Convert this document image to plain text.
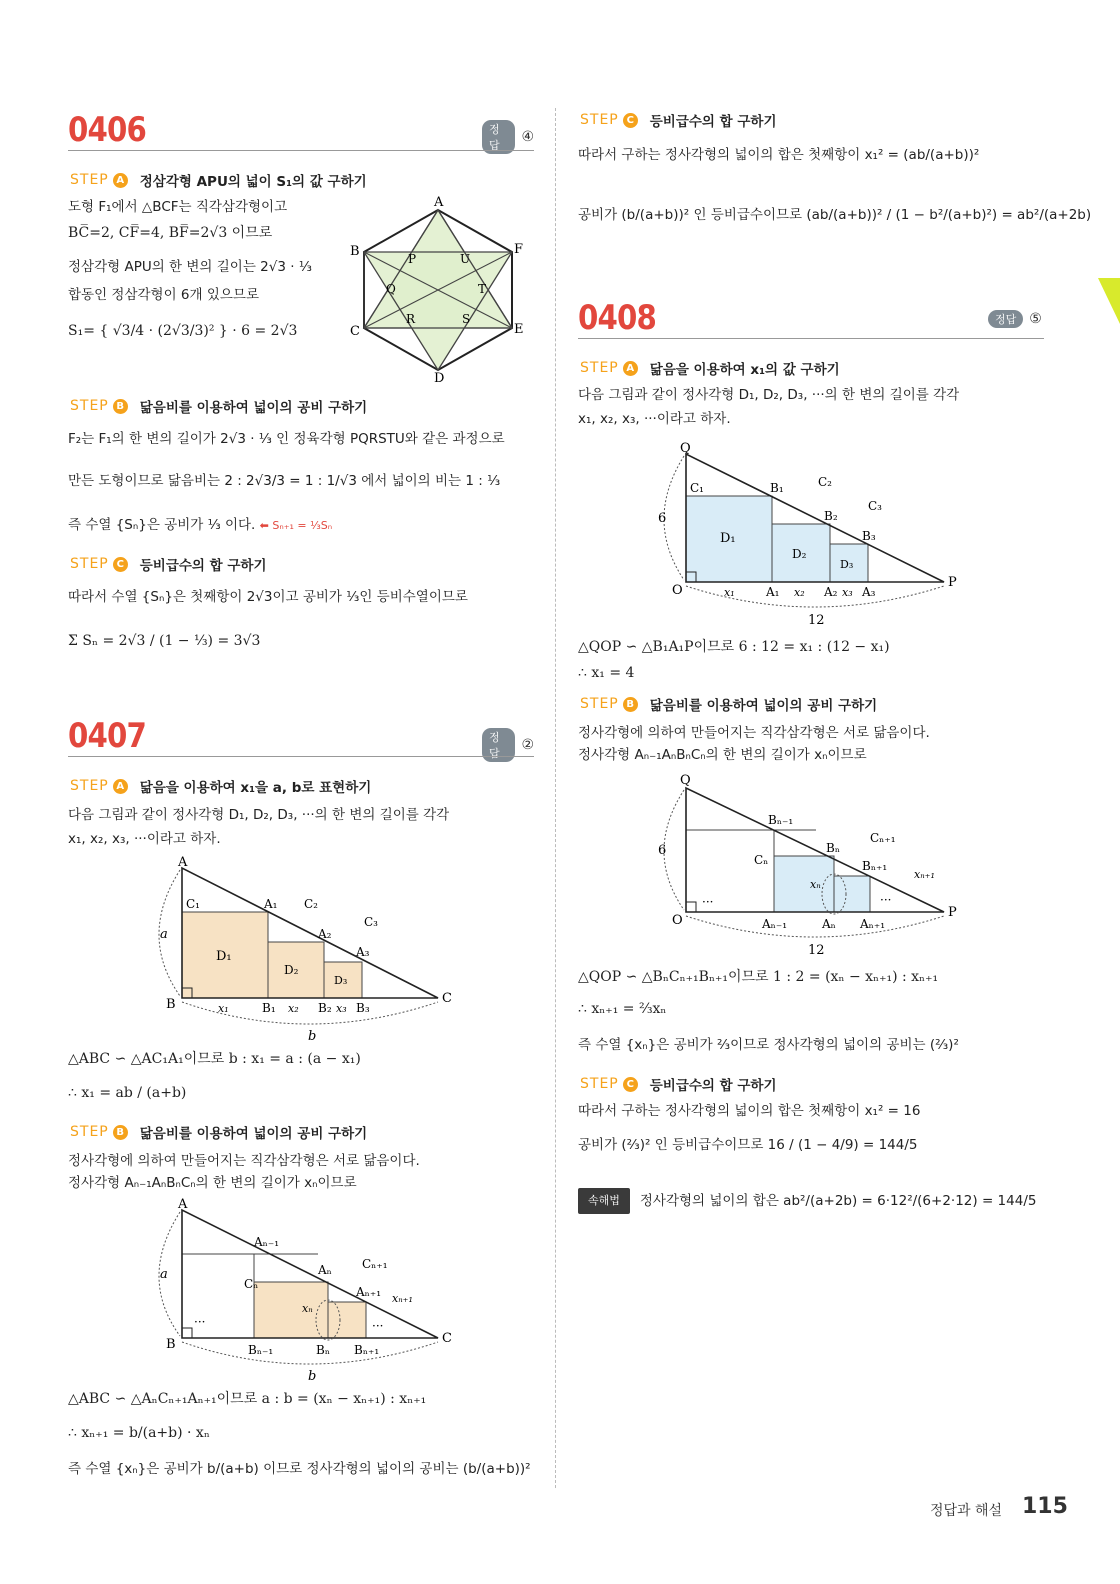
0406	정답
④
STEP A 정삼각형 APU의 넓이 S₁의 값 구하기
도형 F₁에서 △BCF는 직각삼각형이고
BC̅=2, CF̅=4, BF̅=2√3 이므로
정삼각형 APU의 한 변의 길이는 2√3 · ⅓
합동인 정삼각형이 6개 있으므로
S₁= { √3/4 · (2√3/3)² } · 6 = 2√3
A
B
C
D
E
F
P	U
Q	T
R	S
STEP B 닮음비를 이용하여 넓이의 공비 구하기
F₂는 F₁의 한 변의 길이가 2√3 · ⅓ 인 정육각형 PQRSTU와 같은 과정으로
만든 도형이므로 닮음비는 2 : 2√3/3 = 1 : 1/√3 에서 넓이의 비는 1 : ⅓
즉 수열 {Sₙ}은 공비가 ⅓ 이다. ⬅ Sₙ₊₁ = ⅓Sₙ
STEP C 등비급수의 합 구하기
따라서 수열 {Sₙ}은 첫째항이 2√3이고 공비가 ⅓인 등비수열이므로
Σ Sₙ = 2√3 / (1 − ⅓) = 3√3
0407	정답
②
STEP A 닮음을 이용하여 x₁을 a, b로 표현하기
다음 그림과 같이 정사각형 D₁, D₂, D₃, ···의 한 변의 길이를 각각
x₁, x₂, x₃, ···이라고 하자.
A
B	C
C₁	A₁ C₂
A₂
C₃
A₃
D₁
D₂
D₃
B₁	B₂ B₃
x₁	x₂	x₃
a
b
△ABC ∽ △AC₁A₁이므로 b : x₁ = a : (a − x₁)
∴ x₁ = ab / (a+b)
STEP B 닮음비를 이용하여 넓이의 공비 구하기
정사각형에 의하여 만들어지는 직각삼각형은 서로 닮음이다.
정사각형 Aₙ₋₁AₙBₙCₙ의 한 변의 길이가 xₙ이므로
A
B	C
Aₙ₋₁
Cₙ
Aₙ	Cₙ₊₁
Aₙ₊₁
xₙ
xₙ₊₁
Bₙ₋₁	Bₙ Bₙ₊₁
···	···
a
b
△ABC ∽ △AₙCₙ₊₁Aₙ₊₁이므로 a : b = (xₙ − xₙ₊₁) : xₙ₊₁
∴ xₙ₊₁ = b/(a+b) · xₙ
즉 수열 {xₙ}은 공비가 b/(a+b) 이므로 정사각형의 넓이의 공비는 (b/(a+b))²
STEP C 등비급수의 합 구하기
따라서 구하는 정사각형의 넓이의 합은 첫째항이 x₁² = (ab/(a+b))²
공비가 (b/(a+b))² 인 등비급수이므로 (ab/(a+b))² / (1 − b²/(a+b)²) = ab²/(a+2b)
0408	정답 ⑤
STEP A 닮음을 이용하여 x₁의 값 구하기
다음 그림과 같이 정사각형 D₁, D₂, D₃, ···의 한 변의 길이를 각각
x₁, x₂, x₃, ···이라고 하자.
Q
O
P
C₁	B₁	C₂
B₂
C₃
B₃
D₁
D₂
D₃
A₁	A₂ A₃
x₁	x₂	x₃
6
12
△QOP ∽ △B₁A₁P이므로 6 : 12 = x₁ : (12 − x₁)
∴ x₁ = 4
STEP B 닮음비를 이용하여 넓이의 공비 구하기
정사각형에 의하여 만들어지는 직각삼각형은 서로 닮음이다.
정사각형 Aₙ₋₁AₙBₙCₙ의 한 변의 길이가 xₙ이므로
Q
O
P
Bₙ₋₁
Cₙ
Bₙ
Cₙ₊₁
Bₙ₊₁
xₙ
xₙ₊₁
Aₙ₋₁	Aₙ Aₙ₊₁
···	···
6
12
△QOP ∽ △BₙCₙ₊₁Bₙ₊₁이므로 1 : 2 = (xₙ − xₙ₊₁) : xₙ₊₁
∴ xₙ₊₁ = ⅔xₙ
즉 수열 {xₙ}은 공비가 ⅔이므로 정사각형의 넓이의 공비는 (⅔)²
STEP C 등비급수의 합 구하기
따라서 구하는 정사각형의 넓이의 합은 첫째항이 x₁² = 16
공비가 (⅔)² 인 등비급수이므로 16 / (1 − 4/9) = 144/5
속해법	정사각형의 넓이의 합은 ab²/(a+2b) = 6·12²/(6+2·12) = 144/5
정답과 해설 115
